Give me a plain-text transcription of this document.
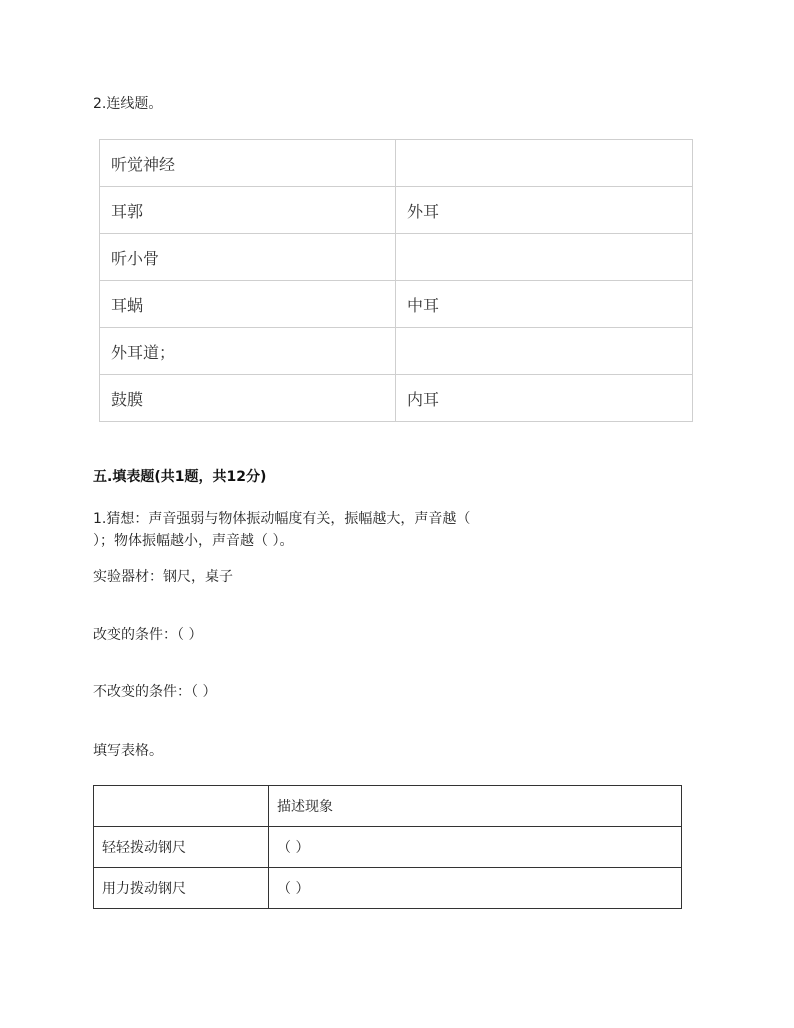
2.连线题。
听觉神经	
耳郭	外耳
听小骨	
耳蜗	中耳
外耳道；	
鼓膜	内耳
五.填表题(共1题，共12分)
1.猜想：声音强弱与物体振动幅度有关，振幅越大，声音越（
）；物体振幅越小，声音越（ ）。
实验器材：钢尺，桌子
改变的条件：（ ）
不改变的条件：（ ）
填写表格。
	描述现象
轻轻拨动钢尺	（ ）
用力拨动钢尺	（ ）
